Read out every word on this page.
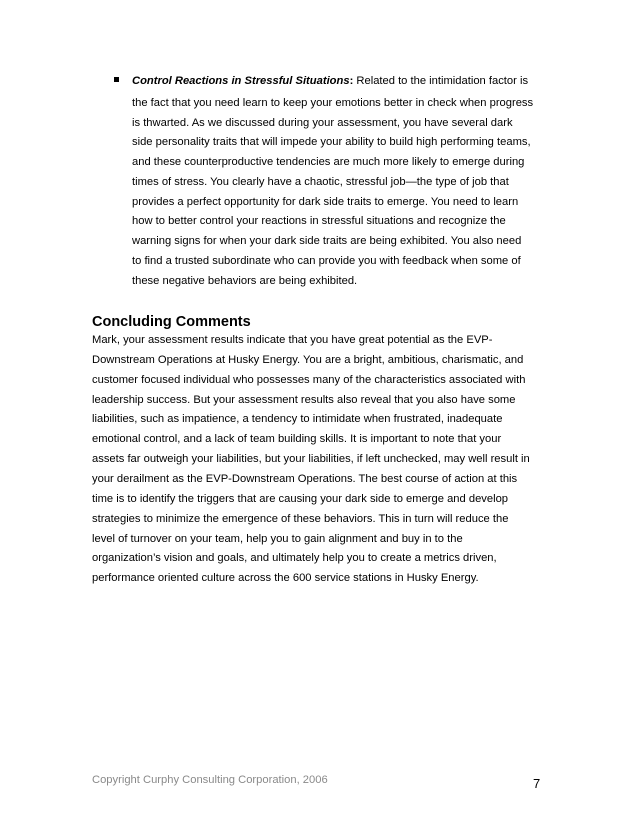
Control Reactions in Stressful Situations: Related to the intimidation factor is
the fact that you need learn to keep your emotions better in check when progress
is thwarted. As we discussed during your assessment, you have several dark
side personality traits that will impede your ability to build high performing teams,
and these counterproductive tendencies are much more likely to emerge during
times of stress. You clearly have a chaotic, stressful job—the type of job that
provides a perfect opportunity for dark side traits to emerge. You need to learn
how to better control your reactions in stressful situations and recognize the
warning signs for when your dark side traits are being exhibited. You also need
to find a trusted subordinate who can provide you with feedback when some of
these negative behaviors are being exhibited.
Concluding Comments
Mark, your assessment results indicate that you have great potential as the EVP-
Downstream Operations at Husky Energy. You are a bright, ambitious, charismatic, and
customer focused individual who possesses many of the characteristics associated with
leadership success. But your assessment results also reveal that you also have some
liabilities, such as impatience, a tendency to intimidate when frustrated, inadequate
emotional control, and a lack of team building skills. It is important to note that your
assets far outweigh your liabilities, but your liabilities, if left unchecked, may well result in
your derailment as the EVP-Downstream Operations. The best course of action at this
time is to identify the triggers that are causing your dark side to emerge and develop
strategies to minimize the emergence of these behaviors. This in turn will reduce the
level of turnover on your team, help you to gain alignment and buy in to the
organization’s vision and goals, and ultimately help you to create a metrics driven,
performance oriented culture across the 600 service stations in Husky Energy.
Copyright Curphy Consulting Corporation, 2006	7
